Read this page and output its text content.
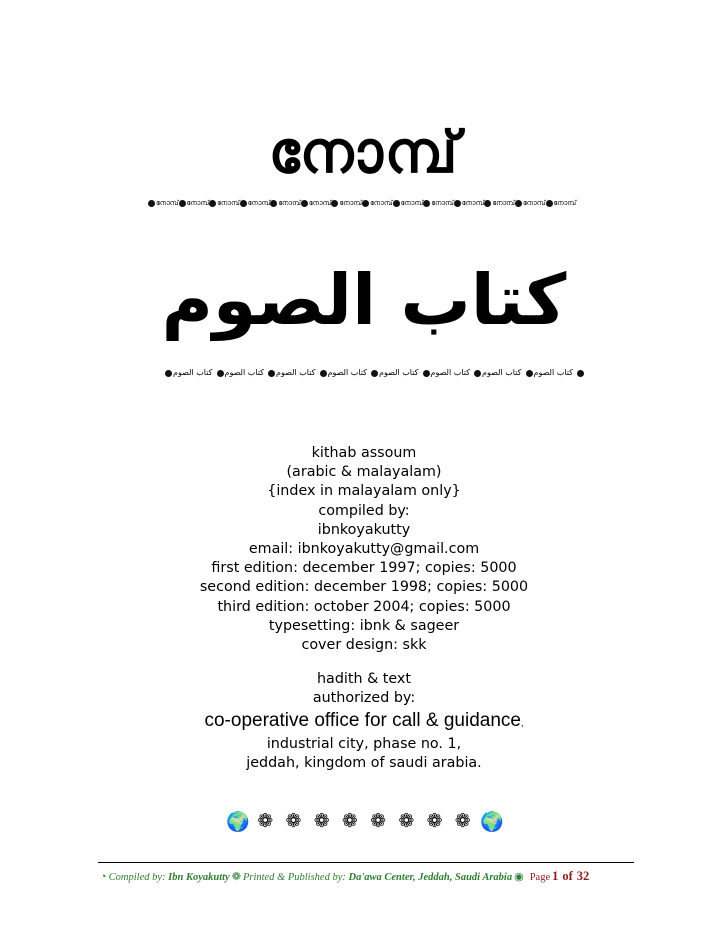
നോമ്പ്
നോമ്പ് നോമ്പ് നോമ്പ് നോമ്പ് നോമ്പ് നോമ്പ് നോമ്പ് നോമ്പ് നോമ്പ് നോമ്പ് നോമ്പ് നോമ്പ് നോമ്പ് നോമ്പ്
كتاب الصوم
كتاب الصوم كتاب الصوم كتاب الصوم كتاب الصوم كتاب الصوم كتاب الصوم كتاب الصوم كتاب الصوم
kithab assoum
(arabic & malayalam)
{index in malayalam only}
compiled by:
ibnkoyakutty
email: ibnkoyakutty@gmail.com
first edition: december 1997; copies: 5000
second edition: december 1998; copies: 5000
third edition: october 2004; copies: 5000
typesetting: ibnk & sageer
cover design: skk
hadith & text
authorized by:
co-operative office for call & guidance,
industrial city, phase no. 1,
jeddah, kingdom of saudi arabia.
🌍 ❁ ❁ ❁ ❁ ❁ ❁ ❁ ❁ 🌍
◔ Compiled by:
Ibn Koyakutty ❁ Printed & Published by:
Da'awa Center, Jeddah, Saudi Arabia ◉ Page 1 of 32
